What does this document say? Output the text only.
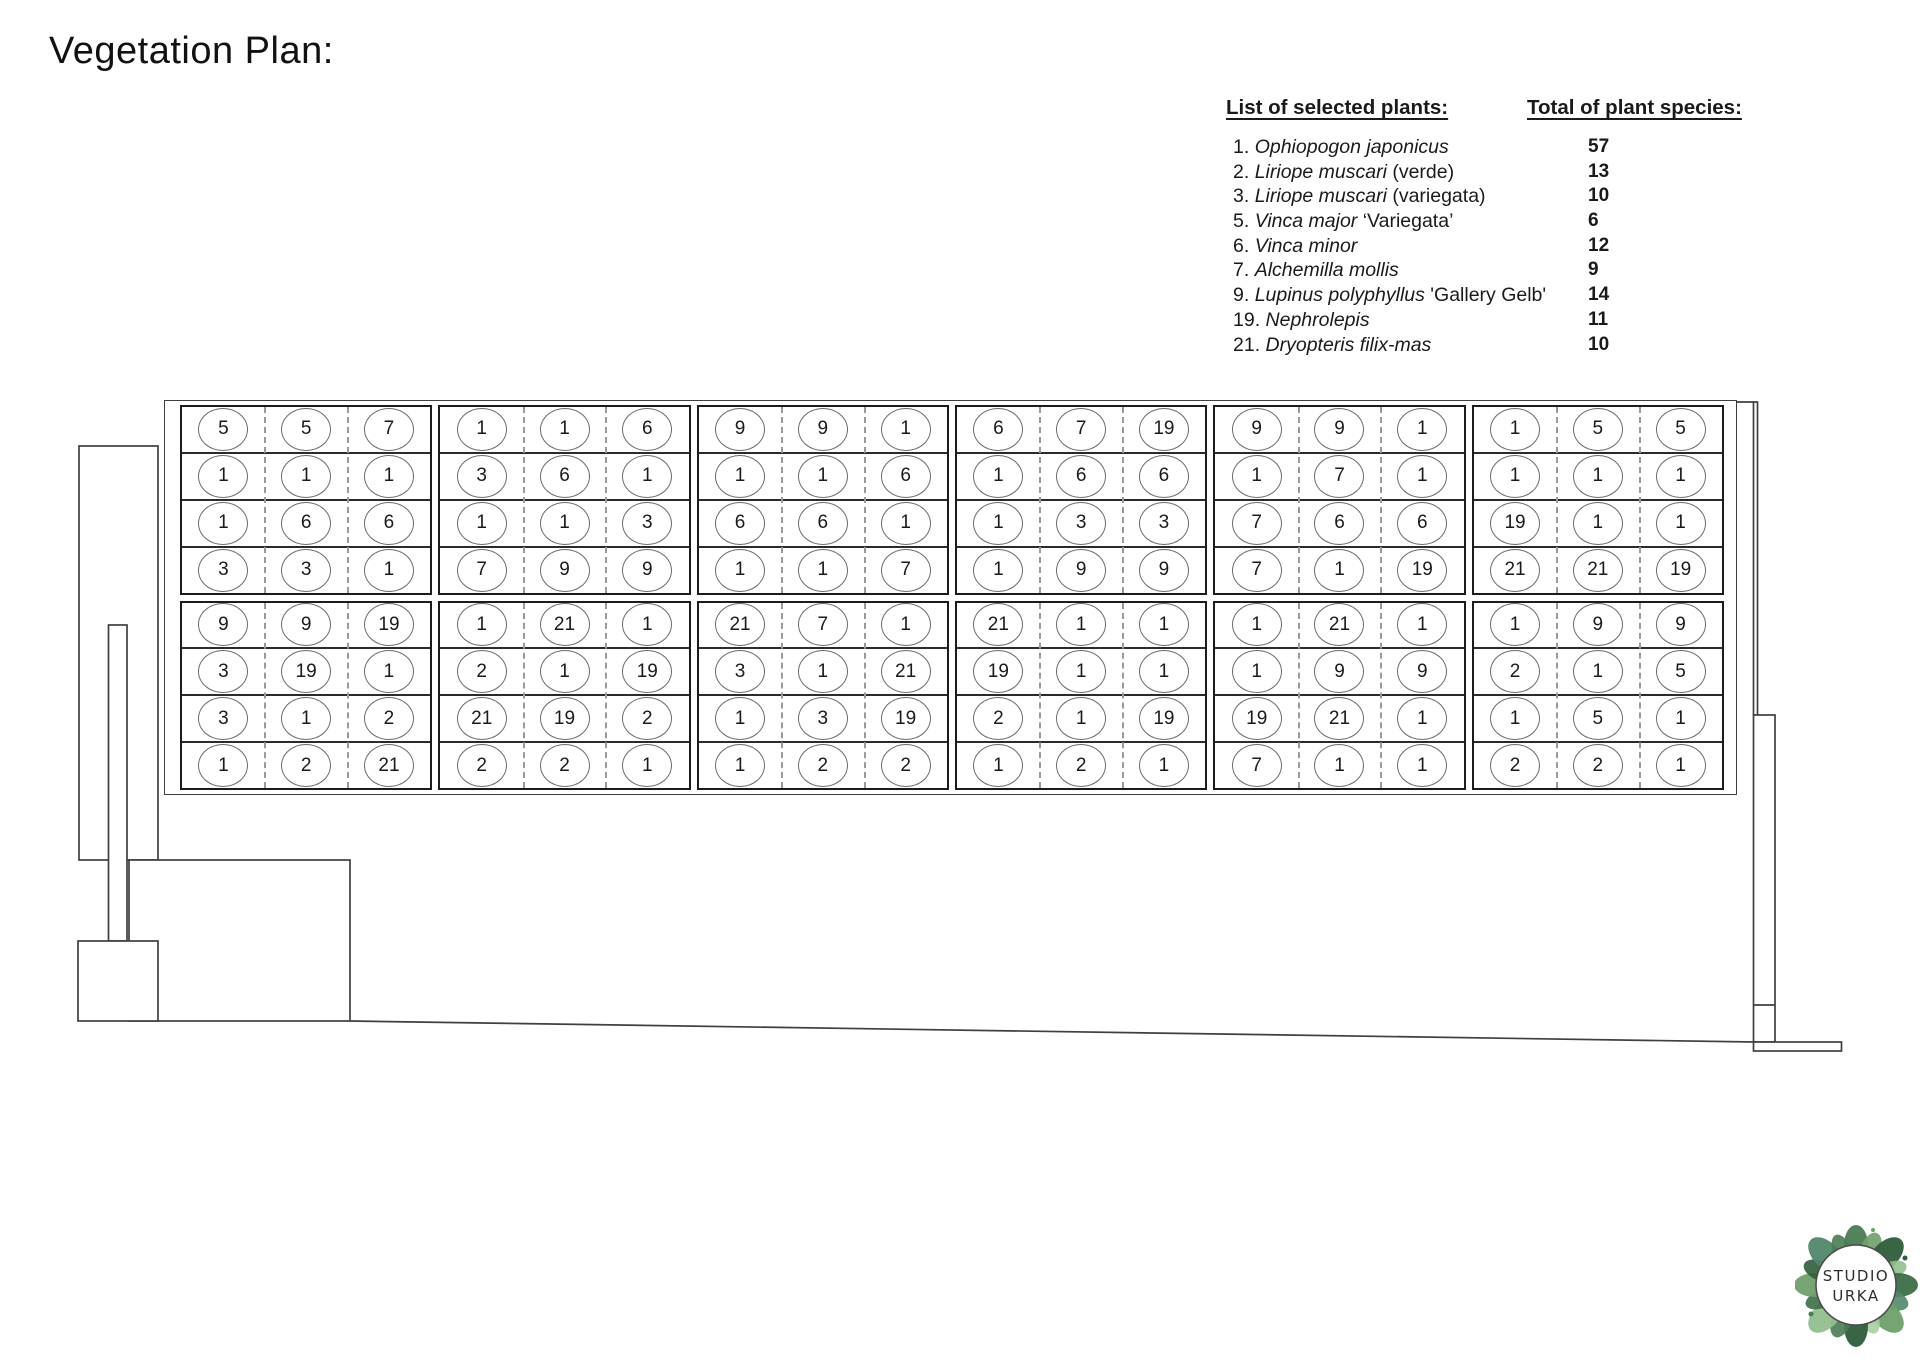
Vegetation Plan:
List of selected plants:	Total of plant species:
1. Ophiopogon japonicus	57
2. Liriope muscari (verde)	13
3. Liriope muscari (variegata)	10
5. Vinca major ‘Variegata’	6
6. Vinca minor	12
7. Alchemilla mollis	9
9. Lupinus polyphyllus 'Gallery Gelb' 14
19. Nephrolepis	11
21. Dryopteris filix-mas	10
5	5	7
1	1	1
1	6	6
3	3	1
9	9	19
3	19	1
3	1	2
1	2	21
1	1	6
3	6	1
1	1	3
7	9	9
1	21	1
2	1	19
21	19	2
2	2	1
9	9	1
1	1	6
6	6	1
1	1	7
21	7	1
3	1	21
1	3	19
1	2	2
6	7	19
1	6	6
1	3	3
1	9	9
21	1	1
19	1	1
2	1	19
1	2	1
9	9	1
1	7	1
7	6	6
7	1	19
1	21	1
1	9	9
19	21	1
7	1	1
1	5	5
1	1	1
19	1	1
21	21	19
1	9	9
2	1	5
1	5	1
2	2	1
STUDIO
URKA
